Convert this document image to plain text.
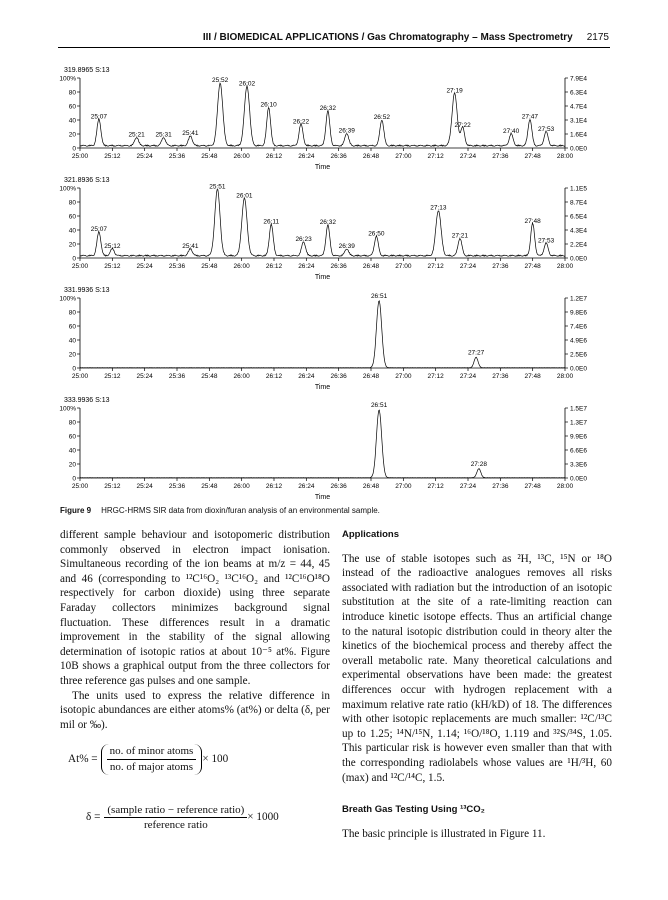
III / BIOMEDICAL APPLICATIONS / Gas Chromatography – Mass Spectrometry 2175
319.8965 S:13
0
20
40
60
80
100%
0.0E0
1.6E4
3.1E4
4.7E4
6.3E4
7.9E4
25:00 25:12 25:24 25:36 25:48 26:00 26:12 26:24 26:36 26:48 27:00 27:12 27:24 27:36 27:48 28:00
Time
25:07
25:21 25:31 25:41
25:52 26:02
26:10
26:22
26:32
26:39
26:52
27:19
27:22
27:40
27:47
27:53
321.8936 S:13
0
20
40
60
80
100%
0.0E0
2.2E4
4.3E4
6.5E4
8.7E4
1.1E5
25:00 25:12 25:24 25:36 25:48 26:00 26:12 26:24 26:36 26:48 27:00 27:12 27:24 27:36 27:48 28:00
Time
25:07
25:12	25:41
25:51
26:01
26:11
26:23
26:32
26:39
26:50
27:13
27:21
27:48
27:53
331.9936 S:13
0
20
40
60
80
100%
0.0E0
2.5E6
4.9E6
7.4E6
9.8E6
1.2E7
25:00 25:12 25:24 25:36 25:48 26:00 26:12 26:24 26:36 26:48 27:00 27:12 27:24 27:36 27:48 28:00
Time
26:51
27:27
333.9936 S:13
0
20
40
60
80
100%
0.0E0
3.3E6
6.6E6
9.9E6
1.3E7
1.5E7
25:00 25:12 25:24 25:36 25:48 26:00 26:12 26:24 26:36 26:48 27:00 27:12 27:24 27:36 27:48 28:00
Time
26:51
27:28
Figure 9 HRGC-HRMS SIR data from dioxin/furan analysis of an environmental sample.

different sample behaviour and isotopomeric distribution commonly observed in electron impact ionisation. Simultaneous recording of the ion beams at m/z = 44, 45 and 46 (corresponding to ¹²C¹⁶O₂ ¹³C¹⁶O₂ and ¹²C¹⁶O¹⁸O respectively for carbon dioxide) using three separate Faraday collectors minimizes background signal fluctuation. These differences result in a dramatic improvement in the stability of the signal allowing determination of isotopic ratios at about 10⁻⁵ at%. Figure 10B shows a graphical output from the three collectors for three reference gas pulses and one sample.

The units used to express the relative difference in isotopic abundances are either atoms% (at%) or delta (δ, per mil or ‰).

$At\% = \frac{\text{no. of minor atoms}}{\text{no. of major atoms}} \times 100$
$\delta = \frac{\text{(sample ratio − reference ratio)}}{\text{reference ratio}} \times 1000$
Applications

The use of stable isotopes such as ²H, ¹³C, ¹⁵N or ¹⁸O instead of the radioactive analogues removes all risks associated with radiation but the introduction of an isotopic substitution at the site of a rate-limiting reaction can introduce kinetic isotope effects. Thus an artificial change to the natural isotopic distribution could in theory alter the kinetics of the biochemical process and thereby affect the overall metabolic rate. Many theoretical calculations and experimental observations have been made: the greatest differences occur with hydrogen replacement with a maximum relative rate ratio (kH/kD) of 18. The differences with other isotopic replacements are much smaller: ¹²C/¹³C up to 1.25; ¹⁴N/¹⁵N, 1.14; ¹⁶O/¹⁸O, 1.119 and ³²S/³⁴S, 1.05. This particular risk is however even smaller than that with the corresponding radiolabels whose values are ¹H/³H, 60 (max) and ¹²C/¹⁴C, 1.5.

Breath Gas Testing Using ¹³CO₂

The basic principle is illustrated in Figure 11.
